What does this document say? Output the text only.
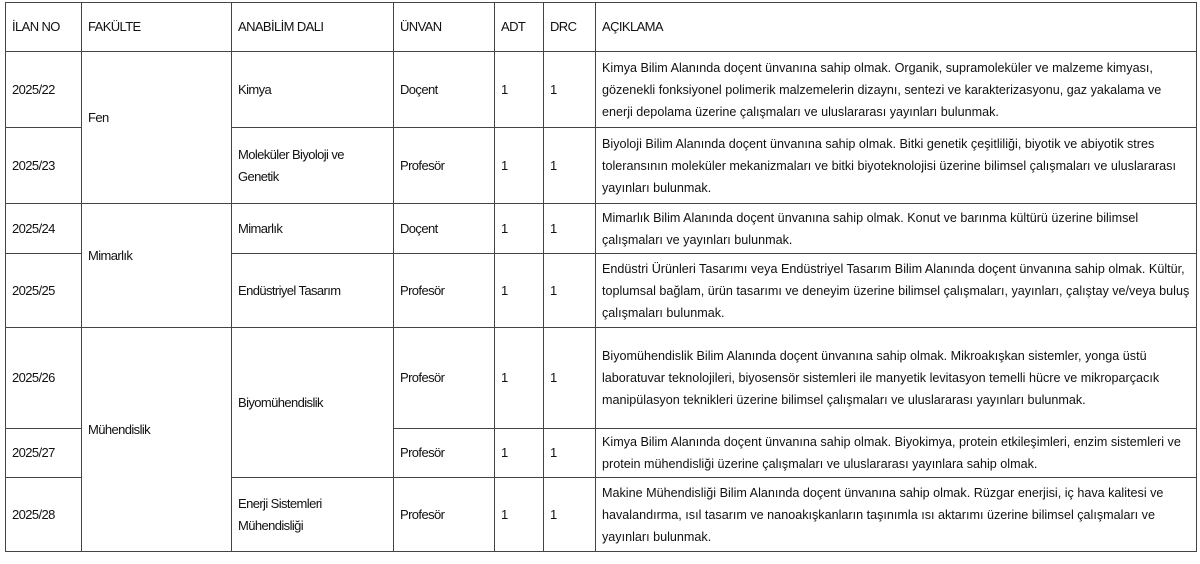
İLAN NO	FAKÜLTE	ANABİLİM DALI	ÜNVAN	ADT	DRC	AÇIKLAMA
2025/22	Fen	Kimya	Doçent	1	1	Kimya Bilim Alanında doçent ünvanına sahip olmak. Organik, supramoleküler ve malzeme kimyası, gözenekli fonksiyonel polimerik malzemelerin dizaynı, sentezi ve karakterizasyonu, gaz yakalama ve enerji depolama üzerine çalışmaları ve uluslararası yayınları bulunmak.
2025/23		Moleküler Biyoloji ve Genetik	Profesör	1	1	Biyoloji Bilim Alanında doçent ünvanına sahip olmak. Bitki genetik çeşitliliği, biyotik ve abiyotik stres toleransının moleküler mekanizmaları ve bitki biyoteknolojisi üzerine bilimsel çalışmaları ve uluslararası yayınları bulunmak.
2025/24	Mimarlık	Mimarlık	Doçent	1	1	Mimarlık Bilim Alanında doçent ünvanına sahip olmak. Konut ve barınma kültürü üzerine bilimsel çalışmaları ve yayınları bulunmak.
2025/25		Endüstriyel Tasarım	Profesör	1	1	Endüstri Ürünleri Tasarımı veya Endüstriyel Tasarım Bilim Alanında doçent ünvanına sahip olmak. Kültür, toplumsal bağlam, ürün tasarımı ve deneyim üzerine bilimsel çalışmaları, yayınları, çalıştay ve/veya buluş çalışmaları bulunmak.
2025/26	Mühendislik	Biyomühendislik	Profesör	1	1	Biyomühendislik Bilim Alanında doçent ünvanına sahip olmak. Mikroakışkan sistemler, yonga üstü laboratuvar teknolojileri, biyosensör sistemleri ile manyetik levitasyon temelli hücre ve mikroparçacık manipülasyon teknikleri üzerine bilimsel çalışmaları ve uluslararası yayınları bulunmak.
2025/27			Profesör	1	1	Kimya Bilim Alanında doçent ünvanına sahip olmak. Biyokimya, protein etkileşimleri, enzim sistemleri ve protein mühendisliği üzerine çalışmaları ve uluslararası yayınlara sahip olmak.
2025/28		Enerji Sistemleri Mühendisliği	Profesör	1	1	Makine Mühendisliği Bilim Alanında doçent ünvanına sahip olmak. Rüzgar enerjisi, iç hava kalitesi ve havalandırma, ısıl tasarım ve nanoakışkanların taşınımla ısı aktarımı üzerine bilimsel çalışmaları ve yayınları bulunmak.
